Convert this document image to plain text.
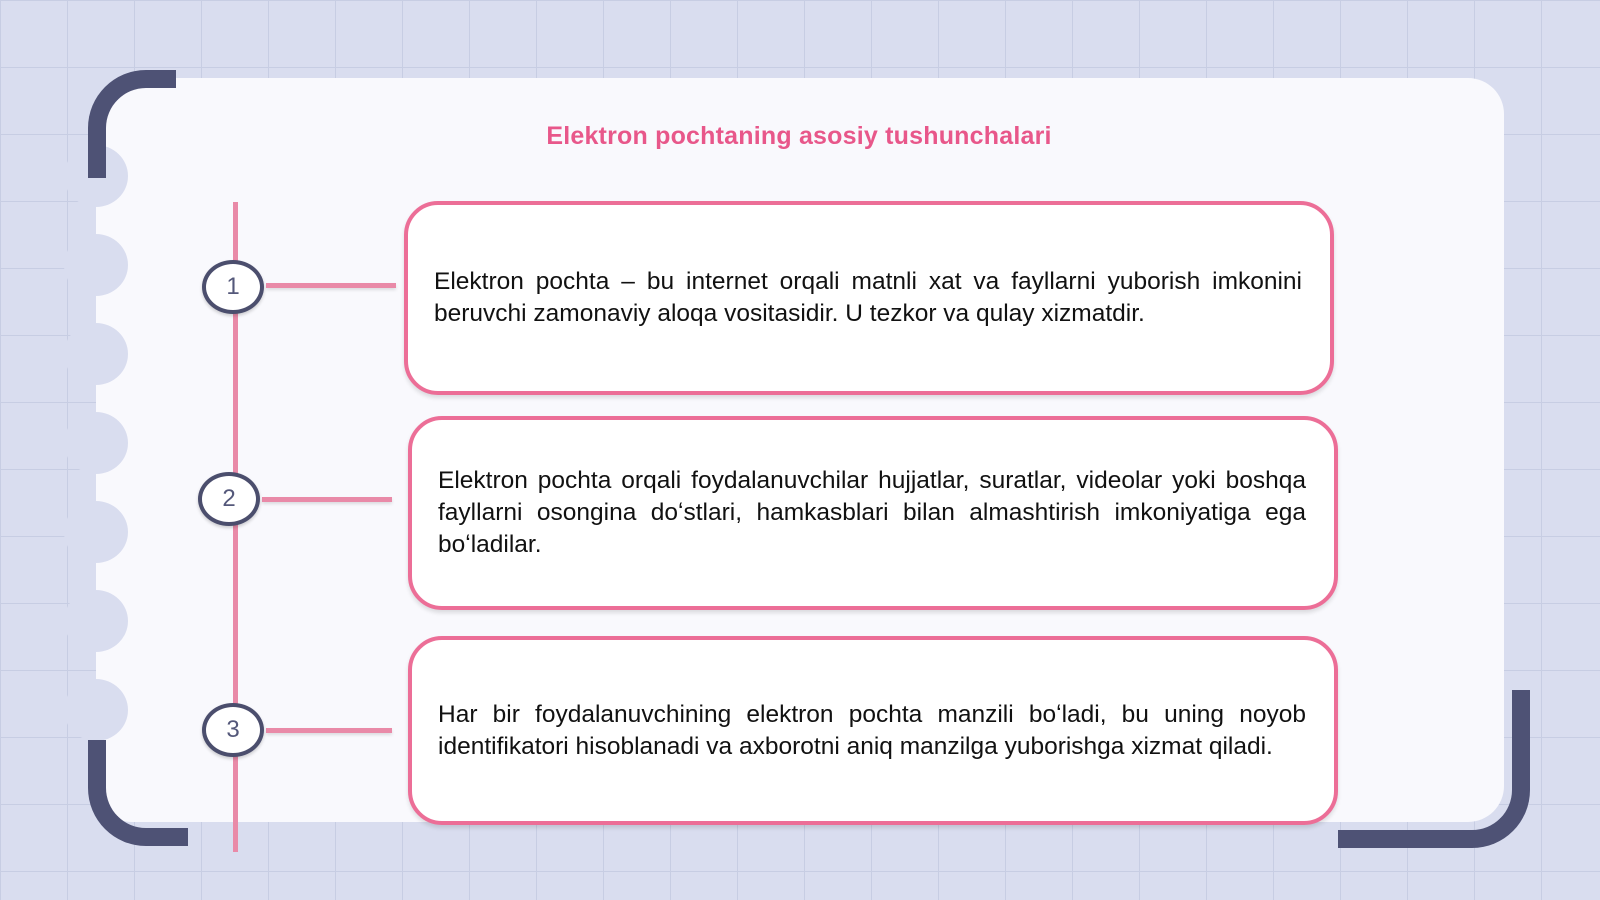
Elektron pochtaning asosiy tushunchalari
1
2
3

Elektron pochta – bu internet orqali matnli xat va fayllarni yuborish imkonini beruvchi zamonaviy aloqa vositasidir. U tezkor va qulay xizmatdir.

Elektron pochta orqali foydalanuvchilar hujjatlar, suratlar, videolar yoki boshqa fayllarni osongina doʻstlari, hamkasblari bilan almashtirish imkoniyatiga ega boʻladilar.

Har bir foydalanuvchining elektron pochta manzili boʻladi, bu uning noyob identifikatori hisoblanadi va axborotni aniq manzilga yuborishga xizmat qiladi.
